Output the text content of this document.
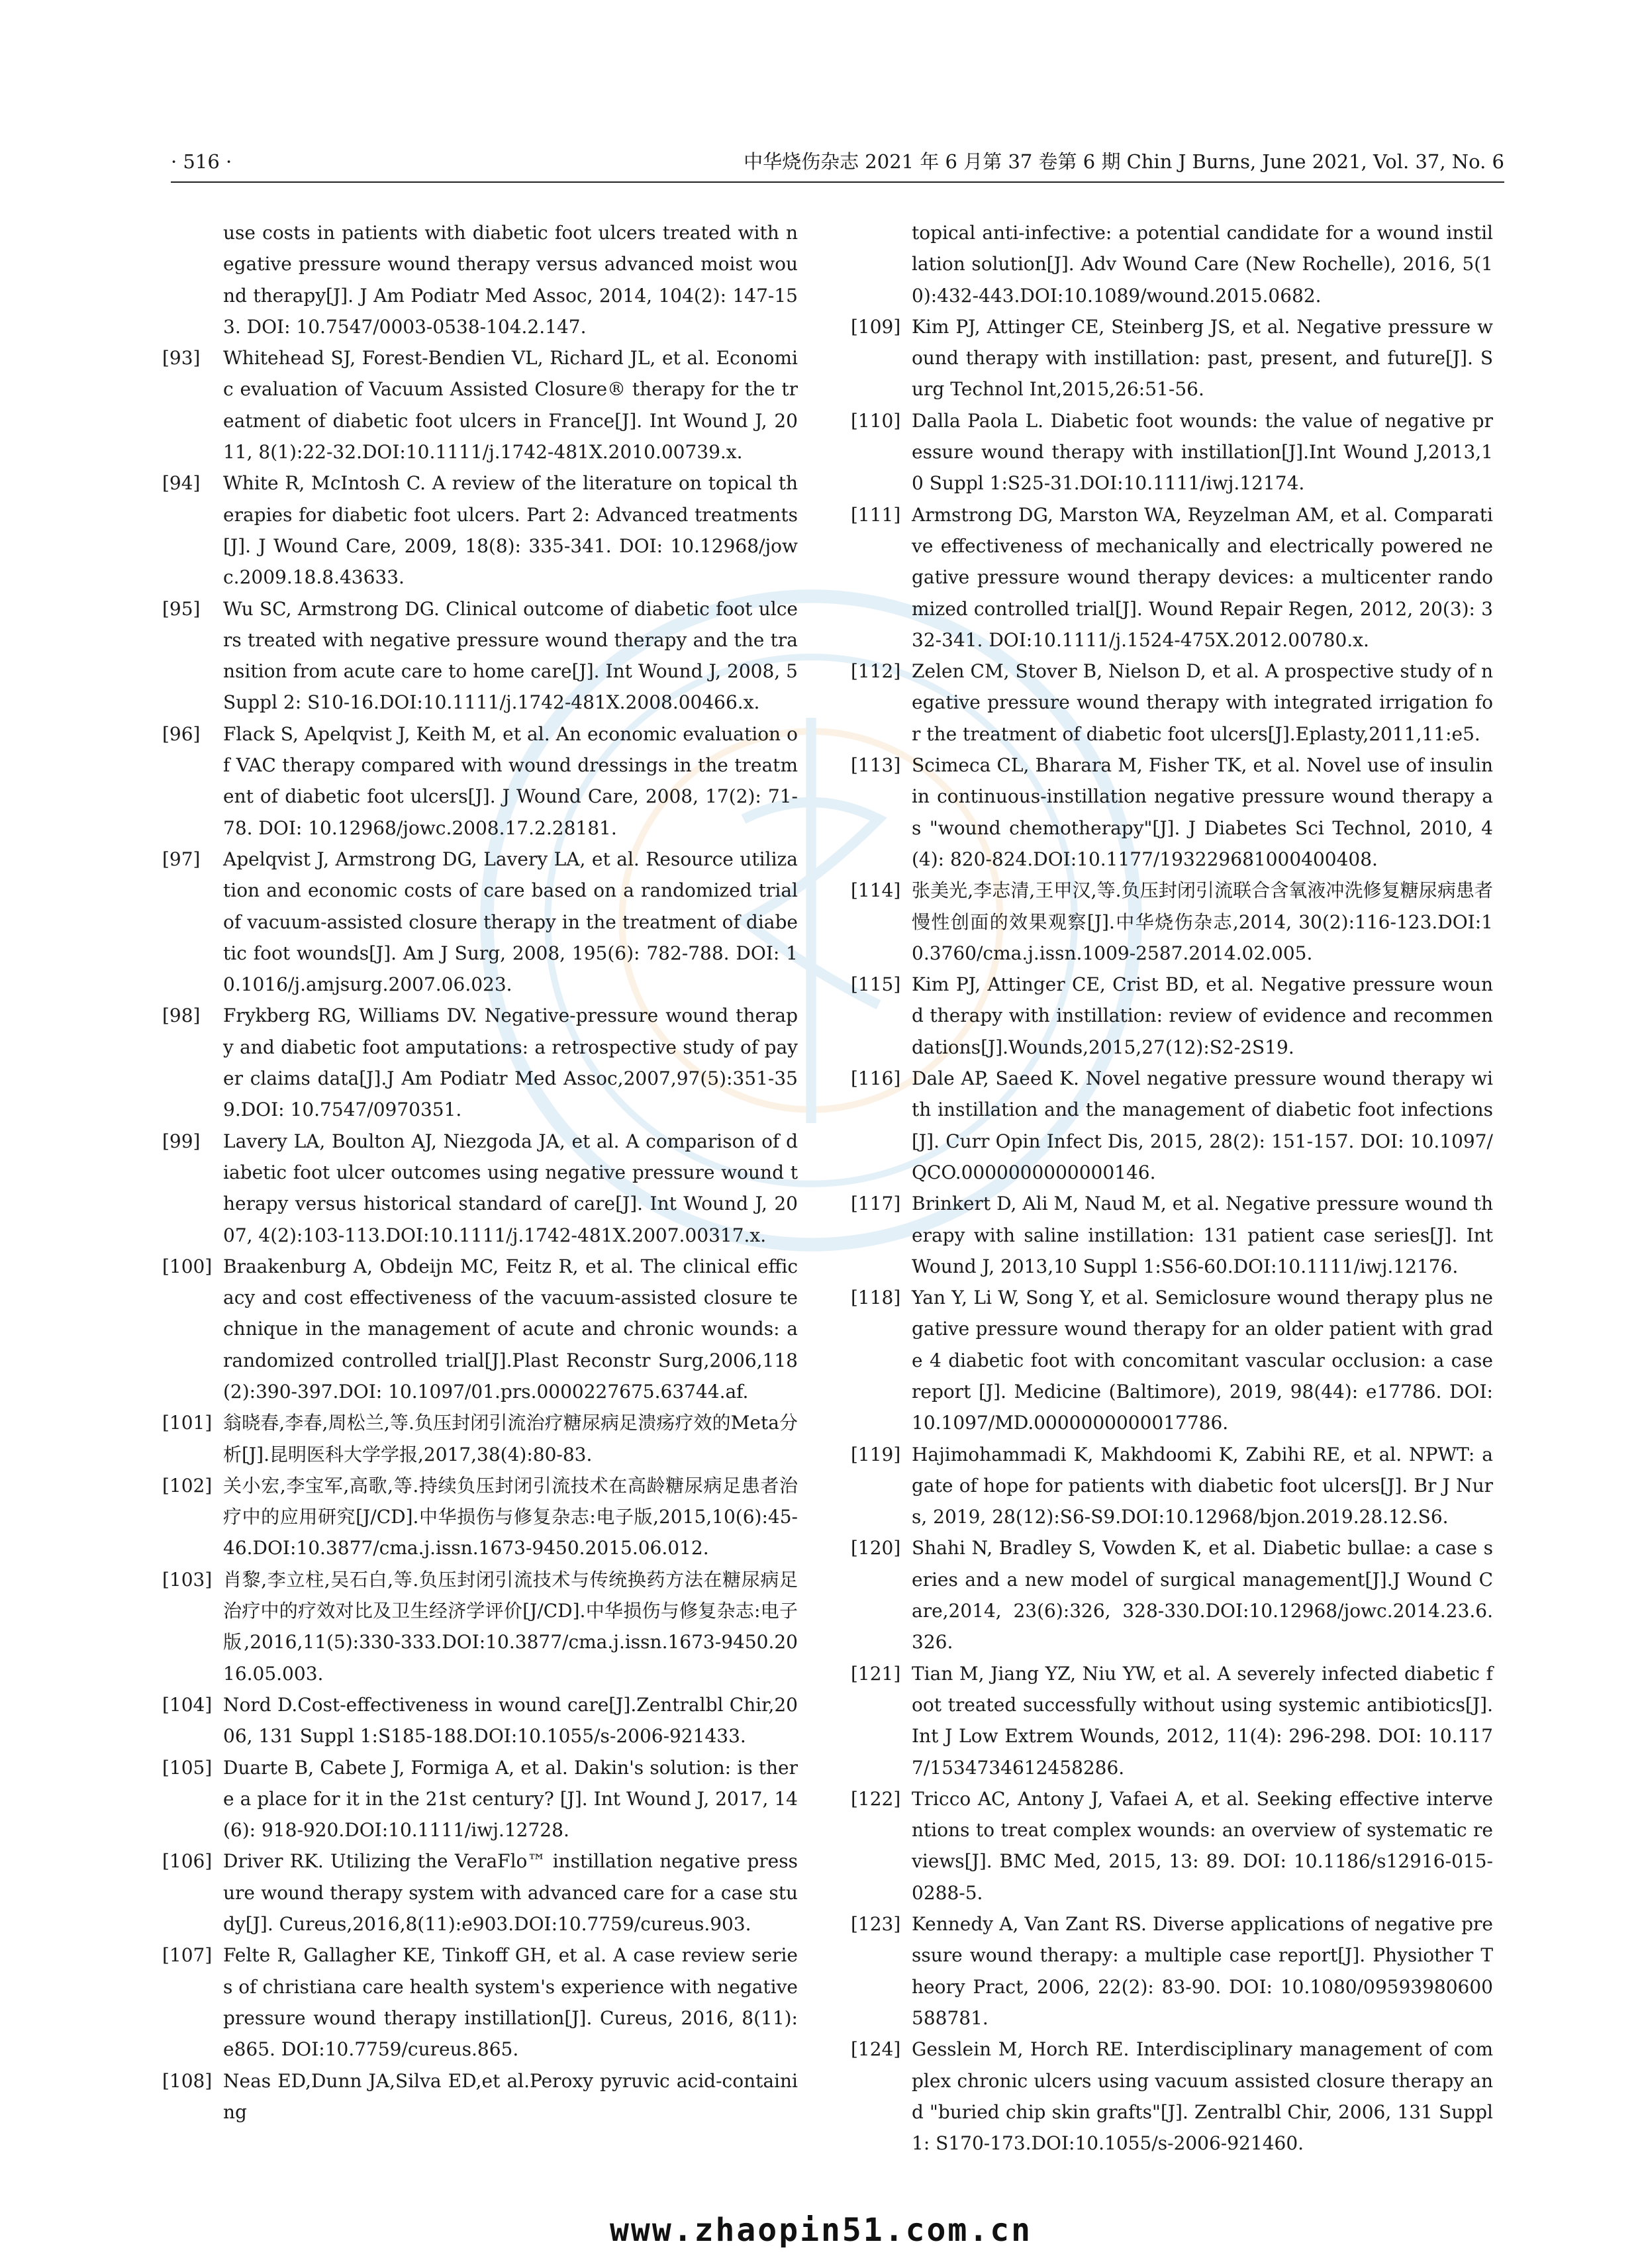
· 516 ·	中华烧伤杂志 2021 年 6 月第 37 卷第 6 期 Chin J Burns, June 2021, Vol. 37, No. 6
use costs in patients with diabetic foot ulcers treated with negative pressure wound therapy versus advanced moist wound therapy[J]. J Am Podiatr Med Assoc, 2014, 104(2): 147-153. DOI: 10.7547/0003-0538-104.2.147.
[93]	Whitehead SJ, Forest-Bendien VL, Richard JL, et al. Economic evaluation of Vacuum Assisted Closure® therapy for the treatment of diabetic foot ulcers in France[J]. Int Wound J, 2011, 8(1):22-32.DOI:10.1111/j.1742-481X.2010.00739.x.
[94]	White R, McIntosh C. A review of the literature on topical therapies for diabetic foot ulcers. Part 2: Advanced treatments[J]. J Wound Care, 2009, 18(8): 335-341. DOI: 10.12968/jowc.2009.18.8.43633.
[95]	Wu SC, Armstrong DG. Clinical outcome of diabetic foot ulcers treated with negative pressure wound therapy and the transition from acute care to home care[J]. Int Wound J, 2008, 5 Suppl 2: S10-16.DOI:10.1111/j.1742-481X.2008.00466.x.
[96]	Flack S, Apelqvist J, Keith M, et al. An economic evaluation of VAC therapy compared with wound dressings in the treatment of diabetic foot ulcers[J]. J Wound Care, 2008, 17(2): 71-78. DOI: 10.12968/jowc.2008.17.2.28181.
[97]	Apelqvist J, Armstrong DG, Lavery LA, et al. Resource utilization and economic costs of care based on a randomized trial of vacuum-assisted closure therapy in the treatment of diabetic foot wounds[J]. Am J Surg, 2008, 195(6): 782-788. DOI: 10.1016/j.amjsurg.2007.06.023.
[98]	Frykberg RG, Williams DV. Negative-pressure wound therapy and diabetic foot amputations: a retrospective study of payer claims data[J].J Am Podiatr Med Assoc,2007,97(5):351-359.DOI: 10.7547/0970351.
[99]	Lavery LA, Boulton AJ, Niezgoda JA, et al. A comparison of diabetic foot ulcer outcomes using negative pressure wound therapy versus historical standard of care[J]. Int Wound J, 2007, 4(2):103-113.DOI:10.1111/j.1742-481X.2007.00317.x.
[100] Braakenburg A, Obdeijn MC, Feitz R, et al. The clinical efficacy and cost effectiveness of the vacuum-assisted closure technique in the management of acute and chronic wounds: a randomized controlled trial[J].Plast Reconstr Surg,2006,118(2):390-397.DOI: 10.1097/01.prs.0000227675.63744.af.
[101] 翁晓春,李春,周松兰,等.负压封闭引流治疗糖尿病足溃疡疗效的Meta分析[J].昆明医科大学学报,2017,38(4):80-83.
[102] 关小宏,李宝军,高歌,等.持续负压封闭引流技术在高龄糖尿病足患者治疗中的应用研究[J/CD].中华损伤与修复杂志:电子版,2015,10(6):45-46.DOI:10.3877/cma.j.issn.1673-9450.2015.06.012.
[103] 肖黎,李立柱,吴石白,等.负压封闭引流技术与传统换药方法在糖尿病足治疗中的疗效对比及卫生经济学评价[J/CD].中华损伤与修复杂志:电子版,2016,11(5):330-333.DOI:10.3877/cma.j.issn.1673-9450.2016.05.003.
[104] Nord D.Cost-effectiveness in wound care[J].Zentralbl Chir,2006, 131 Suppl 1:S185-188.DOI:10.1055/s-2006-921433.
[105] Duarte B, Cabete J, Formiga A, et al. Dakin's solution: is there a place for it in the 21st century? [J]. Int Wound J, 2017, 14(6): 918-920.DOI:10.1111/iwj.12728.
[106] Driver RK. Utilizing the VeraFlo™ instillation negative pressure wound therapy system with advanced care for a case study[J]. Cureus,2016,8(11):e903.DOI:10.7759/cureus.903.
[107] Felte R, Gallagher KE, Tinkoff GH, et al. A case review series of christiana care health system's experience with negative pressure wound therapy instillation[J]. Cureus, 2016, 8(11): e865. DOI:10.7759/cureus.865.
[108] Neas ED,Dunn JA,Silva ED,et al.Peroxy pyruvic acid-containing
topical anti-infective: a potential candidate for a wound instillation solution[J]. Adv Wound Care (New Rochelle), 2016, 5(10):432-443.DOI:10.1089/wound.2015.0682.
[109] Kim PJ, Attinger CE, Steinberg JS, et al. Negative pressure wound therapy with instillation: past, present, and future[J]. Surg Technol Int,2015,26:51-56.
[110] Dalla Paola L. Diabetic foot wounds: the value of negative pressure wound therapy with instillation[J].Int Wound J,2013,10 Suppl 1:S25-31.DOI:10.1111/iwj.12174.
[111] Armstrong DG, Marston WA, Reyzelman AM, et al. Comparative effectiveness of mechanically and electrically powered negative pressure wound therapy devices: a multicenter randomized controlled trial[J]. Wound Repair Regen, 2012, 20(3): 332-341. DOI:10.1111/j.1524-475X.2012.00780.x.
[112] Zelen CM, Stover B, Nielson D, et al. A prospective study of negative pressure wound therapy with integrated irrigation for the treatment of diabetic foot ulcers[J].Eplasty,2011,11:e5.
[113] Scimeca CL, Bharara M, Fisher TK, et al. Novel use of insulin in continuous-instillation negative pressure wound therapy as "wound chemotherapy"[J]. J Diabetes Sci Technol, 2010, 4(4): 820-824.DOI:10.1177/193229681000400408.
[114] 张美光,李志清,王甲汉,等.负压封闭引流联合含氧液冲洗修复糖尿病患者慢性创面的效果观察[J].中华烧伤杂志,2014, 30(2):116-123.DOI:10.3760/cma.j.issn.1009-2587.2014.02.005.
[115] Kim PJ, Attinger CE, Crist BD, et al. Negative pressure wound therapy with instillation: review of evidence and recommendations[J].Wounds,2015,27(12):S2-2S19.
[116] Dale AP, Saeed K. Novel negative pressure wound therapy with instillation and the management of diabetic foot infections[J]. Curr Opin Infect Dis, 2015, 28(2): 151-157. DOI: 10.1097/QCO.0000000000000146.
[117] Brinkert D, Ali M, Naud M, et al. Negative pressure wound therapy with saline instillation: 131 patient case series[J]. Int Wound J, 2013,10 Suppl 1:S56-60.DOI:10.1111/iwj.12176.
[118] Yan Y, Li W, Song Y, et al. Semiclosure wound therapy plus negative pressure wound therapy for an older patient with grade 4 diabetic foot with concomitant vascular occlusion: a case report [J]. Medicine (Baltimore), 2019, 98(44): e17786. DOI: 10.1097/MD.0000000000017786.
[119] Hajimohammadi K, Makhdoomi K, Zabihi RE, et al. NPWT: a gate of hope for patients with diabetic foot ulcers[J]. Br J Nurs, 2019, 28(12):S6-S9.DOI:10.12968/bjon.2019.28.12.S6.
[120] Shahi N, Bradley S, Vowden K, et al. Diabetic bullae: a case series and a new model of surgical management[J].J Wound Care,2014, 23(6):326, 328-330.DOI:10.12968/jowc.2014.23.6.326.
[121] Tian M, Jiang YZ, Niu YW, et al. A severely infected diabetic foot treated successfully without using systemic antibiotics[J]. Int J Low Extrem Wounds, 2012, 11(4): 296-298. DOI: 10.1177/1534734612458286.
[122] Tricco AC, Antony J, Vafaei A, et al. Seeking effective interventions to treat complex wounds: an overview of systematic reviews[J]. BMC Med, 2015, 13: 89. DOI: 10.1186/s12916-015-0288-5.
[123] Kennedy A, Van Zant RS. Diverse applications of negative pressure wound therapy: a multiple case report[J]. Physiother Theory Pract, 2006, 22(2): 83-90. DOI: 10.1080/09593980600588781.
[124] Gesslein M, Horch RE. Interdisciplinary management of complex chronic ulcers using vacuum assisted closure therapy and "buried chip skin grafts"[J]. Zentralbl Chir, 2006, 131 Suppl 1: S170-173.DOI:10.1055/s-2006-921460.
www.zhaopin51.com.cn
